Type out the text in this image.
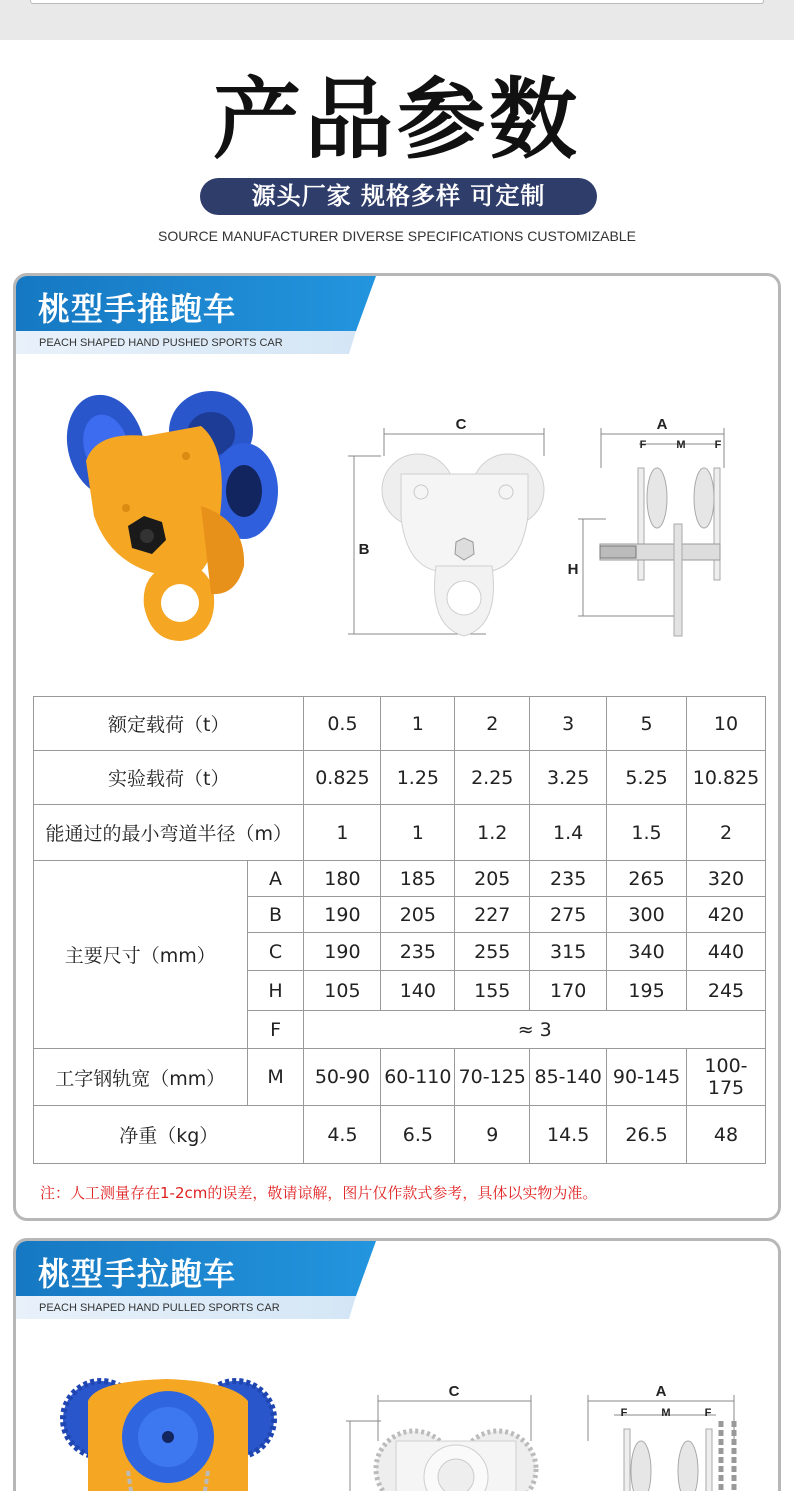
产品参数
源头厂家 规格多样 可定制
SOURCE MANUFACTURER DIVERSE SPECIFICATIONS CUSTOMIZABLE
桃型手推跑车
PEACH SHAPED HAND PUSHED SPORTS CAR
C
B
A
F	M	F
H
额定载荷（t）		0.5	1	2	3	5	10
实验载荷（t）		0.825	1.25	2.25	3.25	5.25	10.825
能通过的最小弯道半径（m）		1	1	1.2	1.4	1.5	2
主要尺寸（mm）	A	180	185	205	235	265	320
	B	190	205	227	275	300	420
	C	190	235	255	315	340	440
	H	105	140	155	170	195	245
	F	≈ 3					
工字钢轨宽（mm）	M	50-90	60-110	70-125	85-140	90-145	100-175
净重（kg）		4.5	6.5	9	14.5	26.5	48
注：人工测量存在1-2cm的误差，敬请谅解，图片仅作款式参考，具体以实物为准。
桃型手拉跑车
PEACH SHAPED HAND PULLED SPORTS CAR
C	A
F	M	F
